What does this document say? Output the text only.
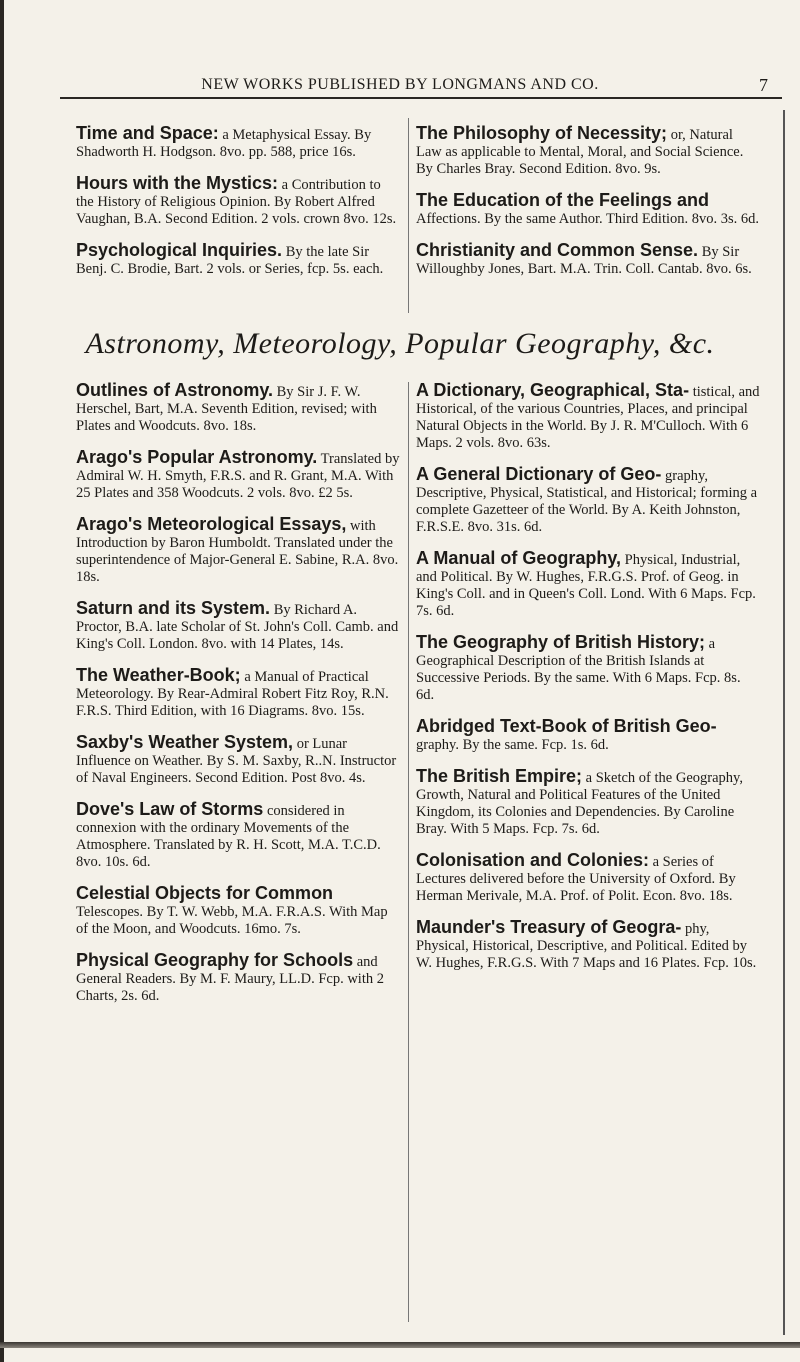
NEW WORKS PUBLISHED BY LONGMANS AND CO.	7
Time and Space: a Metaphysical Essay. By Shadworth H. Hodgson. 8vo. pp. 588, price 16s.
Hours with the Mystics: a Contribution to the History of Religious Opinion. By Robert Alfred Vaughan, B.A. Second Edition. 2 vols. crown 8vo. 12s.
Psychological Inquiries. By the late Sir Benj. C. Brodie, Bart. 2 vols. or Series, fcp. 5s. each.
The Philosophy of Necessity; or, Natural Law as applicable to Mental, Moral, and Social Science. By Charles Bray. Second Edition. 8vo. 9s.
The Education of the Feelings and Affections. By the same Author. Third Edition. 8vo. 3s. 6d.
Christianity and Common Sense. By Sir Willoughby Jones, Bart. M.A. Trin. Coll. Cantab. 8vo. 6s.
Astronomy, Meteorology, Popular Geography, &c.
Outlines of Astronomy. By Sir J. F. W. Herschel, Bart, M.A. Seventh Edition, revised; with Plates and Woodcuts. 8vo. 18s.
Arago's Popular Astronomy. Translated by Admiral W. H. Smyth, F.R.S. and R. Grant, M.A. With 25 Plates and 358 Woodcuts. 2 vols. 8vo. £2 5s.
Arago's Meteorological Essays, with Introduction by Baron Humboldt. Translated under the superintendence of Major-General E. Sabine, R.A. 8vo. 18s.
Saturn and its System. By Richard A. Proctor, B.A. late Scholar of St. John's Coll. Camb. and King's Coll. London. 8vo. with 14 Plates, 14s.
The Weather-Book; a Manual of Practical Meteorology. By Rear-Admiral Robert Fitz Roy, R.N. F.R.S. Third Edition, with 16 Diagrams. 8vo. 15s.
Saxby's Weather System, or Lunar Influence on Weather. By S. M. Saxby, R..N. Instructor of Naval Engineers. Second Edition. Post 8vo. 4s.
Dove's Law of Storms considered in connexion with the ordinary Movements of the Atmosphere. Translated by R. H. Scott, M.A. T.C.D. 8vo. 10s. 6d.
Celestial Objects for Common Telescopes. By T. W. Webb, M.A. F.R.A.S. With Map of the Moon, and Woodcuts. 16mo. 7s.
Physical Geography for Schools and General Readers. By M. F. Maury, LL.D. Fcp. with 2 Charts, 2s. 6d.
A Dictionary, Geographical, Sta- tistical, and Historical, of the various Countries, Places, and principal Natural Objects in the World. By J. R. M'Culloch. With 6 Maps. 2 vols. 8vo. 63s.
A General Dictionary of Geo- graphy, Descriptive, Physical, Statistical, and Historical; forming a complete Gazetteer of the World. By A. Keith Johnston, F.R.S.E. 8vo. 31s. 6d.
A Manual of Geography, Physical, Industrial, and Political. By W. Hughes, F.R.G.S. Prof. of Geog. in King's Coll. and in Queen's Coll. Lond. With 6 Maps. Fcp. 7s. 6d.
The Geography of British History; a Geographical Description of the British Islands at Successive Periods. By the same. With 6 Maps. Fcp. 8s. 6d.
Abridged Text-Book of British Geo- graphy. By the same. Fcp. 1s. 6d.
The British Empire; a Sketch of the Geography, Growth, Natural and Political Features of the United Kingdom, its Colonies and Dependencies. By Caroline Bray. With 5 Maps. Fcp. 7s. 6d.
Colonisation and Colonies: a Series of Lectures delivered before the University of Oxford. By Herman Merivale, M.A. Prof. of Polit. Econ. 8vo. 18s.
Maunder's Treasury of Geogra- phy, Physical, Historical, Descriptive, and Political. Edited by W. Hughes, F.R.G.S. With 7 Maps and 16 Plates. Fcp. 10s.
